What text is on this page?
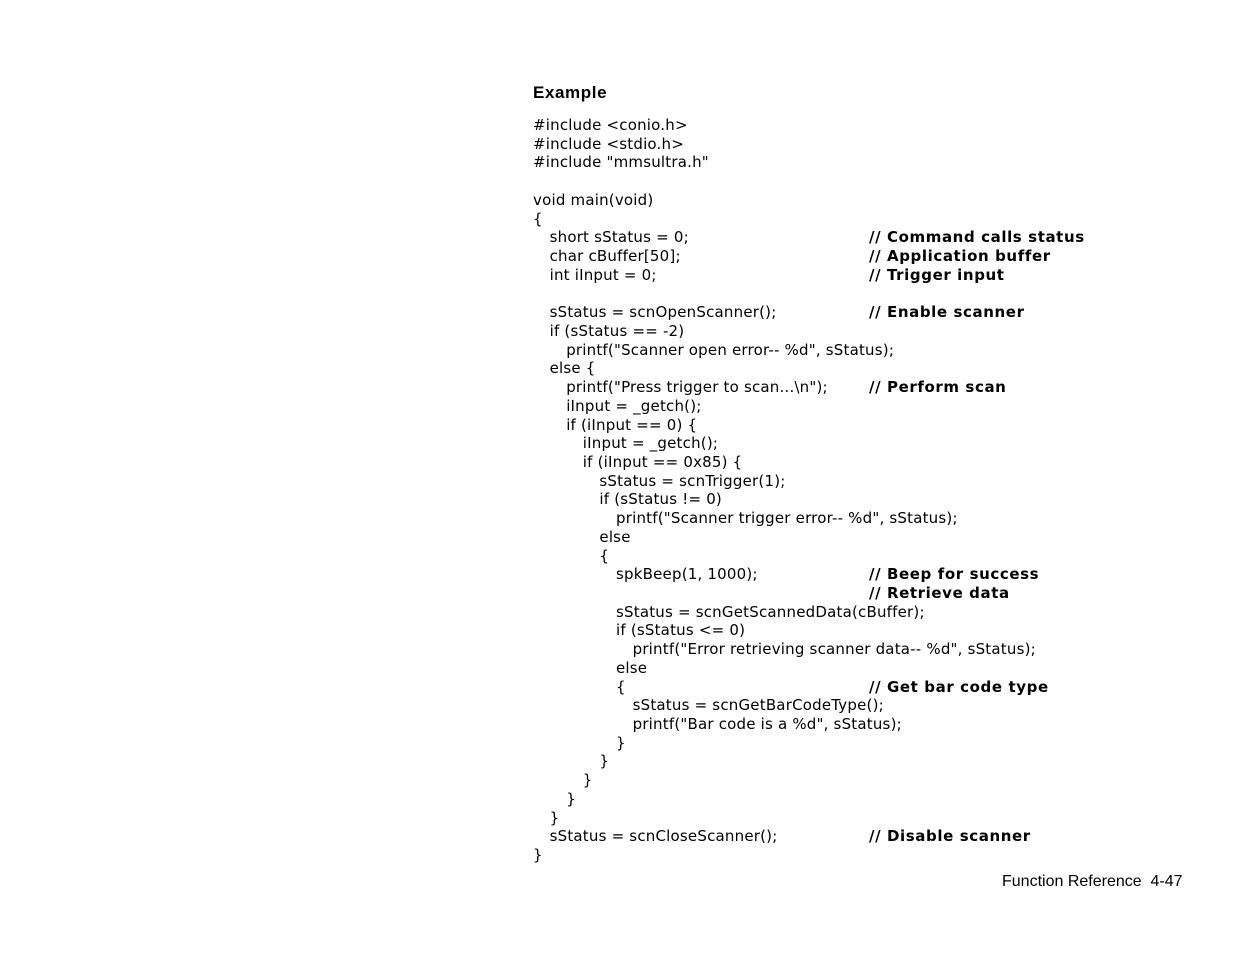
Example
#include <conio.h>
#include <stdio.h>
#include "mmsultra.h"
void main(void)
{
short sStatus = 0;	// Command calls status
char cBuffer[50];	// Application buffer
int iInput = 0;	// Trigger input
sStatus = scnOpenScanner();	// Enable scanner
if (sStatus == -2)
printf("Scanner open error-- %d", sStatus);
else {
printf("Press trigger to scan...\n");	// Perform scan
iInput = _getch();
if (iInput == 0) {
iInput = _getch();
if (iInput == 0x85) {
sStatus = scnTrigger(1);
if (sStatus != 0)
printf("Scanner trigger error-- %d", sStatus);
else
{
spkBeep(1, 1000);	// Beep for success
// Retrieve data
sStatus = scnGetScannedData(cBuffer);
if (sStatus <= 0)
printf("Error retrieving scanner data-- %d", sStatus);
else
{	// Get bar code type
sStatus = scnGetBarCodeType();
printf("Bar code is a %d", sStatus);
}
}
}
}
}
sStatus = scnCloseScanner();	// Disable scanner
}
Function Reference  4-47
